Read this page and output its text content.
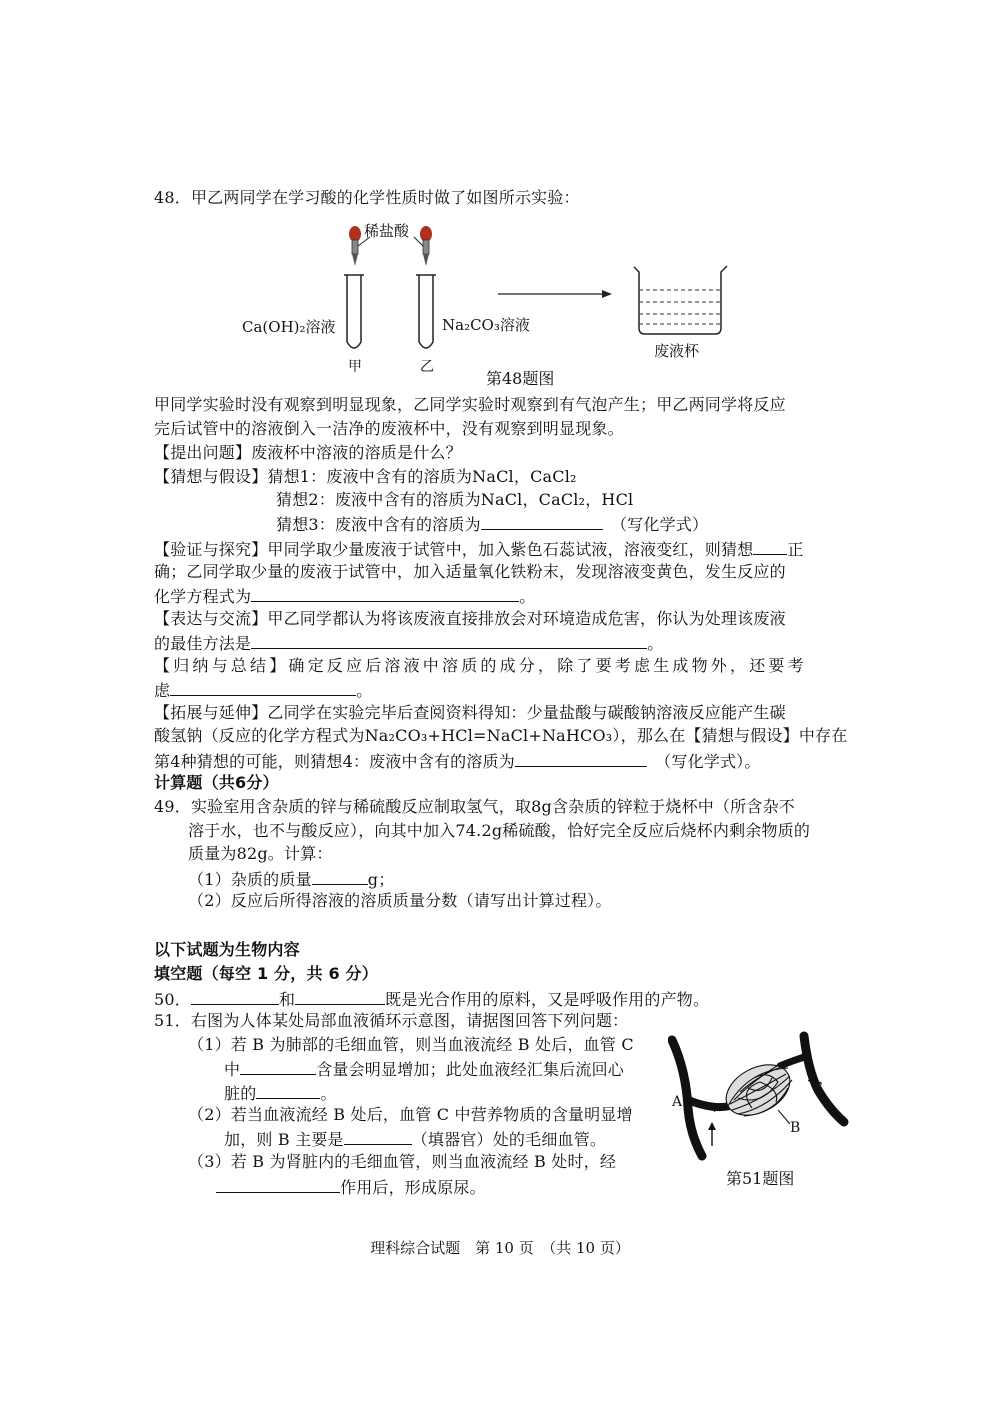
48．甲乙两同学在学习酸的化学性质时做了如图所示实验：
稀盐酸
Ca(OH)₂溶液	Na₂CO₃溶液
甲	乙
废液杯
第48题图
甲同学实验时没有观察到明显现象，乙同学实验时观察到有气泡产生；甲乙两同学将反应
完后试管中的溶液倒入一洁净的废液杯中，没有观察到明显现象。
【提出问题】废液杯中溶液的溶质是什么？
【猜想与假设】猜想1：废液中含有的溶质为NaCl，CaCl₂
猜想2：废液中含有的溶质为NaCl，CaCl₂，HCl
猜想3：废液中含有的溶质为　	（写化学式）
【验证与探究】甲同学取少量废液于试管中，加入紫色石蕊试液，溶液变红，则猜想 正
确；乙同学取少量的废液于试管中，加入适量氧化铁粉末，发现溶液变黄色，发生反应的
化学方程式为	。
【表达与交流】甲乙同学都认为将该废液直接排放会对环境造成危害，你认为处理该废液
的最佳方法是	。
【归纳与总结】确定反应后溶液中溶质的成分，除了要考虑生成物外，还要考
虑	。
【拓展与延伸】乙同学在实验完毕后查阅资料得知：少量盐酸与碳酸钠溶液反应能产生碳
酸氢钠（反应的化学方程式为Na₂CO₃+HCl=NaCl+NaHCO₃），那么在【猜想与假设】中存在
第4种猜想的可能，则猜想4：废液中含有的溶质为　	（写化学式）。
计算题（共6分）
49．实验室用含杂质的锌与稀硫酸反应制取氢气，取8g含杂质的锌粒于烧杯中（所含杂不
溶于水，也不与酸反应），向其中加入74.2g稀硫酸，恰好完全反应后烧杯内剩余物质的
质量为82g。计算：
（1）杂质的质量	g；
（2）反应后所得溶液的溶质质量分数（请写出计算过程）。
以下试题为生物内容
填空题（每空 1 分，共 6 分）
50．	和	既是光合作用的原料，又是呼吸作用的产物。
51．右图为人体某处局部血液循环示意图，请据图回答下列问题：
（1）若 B 为肺部的毛细血管，则当血液流经 B 处后，血管 C
中	含量会明显增加；此处血液经汇集后流回心
脏的	。
（2）若当血液流经 B 处后，血管 C 中营养物质的含量明显增
加，则 B 主要是	（填器官）处的毛细血管。
（3）若 B 为肾脏内的毛细血管，则当血液流经 B 处时，经
作用后，形成原尿。
A
B
C
第51题图
理科综合试题　第 10 页　（共 10 页）
